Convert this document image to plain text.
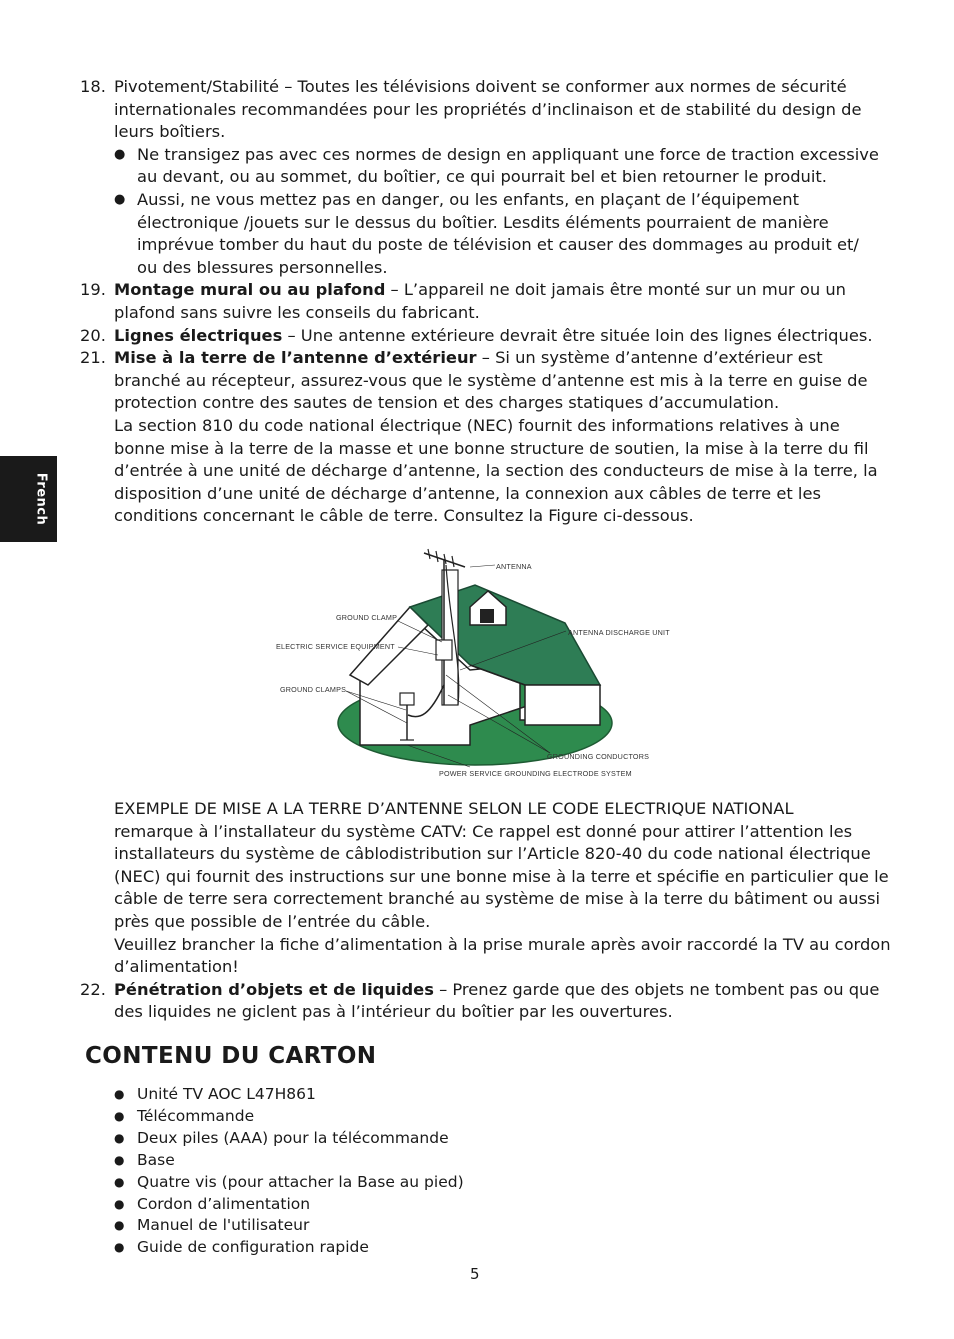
French
18. Pivotement/Stabilité – Toutes les télévisions doivent se conformer aux normes de sécurité internationales recommandées pour les propriétés d’inclinaison et de stabilité du design de leurs boîtiers.

● Ne transigez pas avec ces normes de design en appliquant une force de traction excessive au devant, ou au sommet, du boîtier, ce qui pourrait bel et bien retourner le produit.
● Aussi, ne vous mettez pas en danger, ou les enfants, en plaçant de l’équipement électronique /jouets sur le dessus du boîtier. Lesdits éléments pourraient de manière imprévue tomber du haut du poste de télévision et causer des dommages au produit et/ ou des blessures personnelles.
19. Montage mural ou au plafond – L’appareil ne doit jamais être monté sur un mur ou un plafond sans suivre les conseils du fabricant.

20. Lignes électriques – Une antenne extérieure devrait être située loin des lignes électriques.

21. Mise à la terre de l’antenne d’extérieur – Si un système d’antenne d’extérieur est branché au récepteur, assurez-vous que le système d’antenne est mis à la terre en guise de protection contre des sautes de tension et des charges statiques d’accumulation.

La section 810 du code national électrique (NEC) fournit des informations relatives à une bonne mise à la terre de la masse et une bonne structure de soutien, la mise à la terre du fil d’entrée à une unité de décharge d’antenne, la section des conducteurs de mise à la terre, la disposition d’une unité de décharge d’antenne, la connexion aux câbles de terre et les conditions concernant le câble de terre. Consultez la Figure ci-dessous.

ANTENNA
GROUND CLAMP
ANTENNA DISCHARGE UNIT
ELECTRIC SERVICE EQUIPMENT
GROUND CLAMPS
GROUNDING CONDUCTORS
POWER SERVICE GROUNDING ELECTRODE SYSTEM

EXEMPLE DE MISE A LA TERRE D’ANTENNE SELON LE CODE ELECTRIQUE NATIONAL

remarque à l’installateur du système CATV: Ce rappel est donné pour attirer l’attention les installateurs du système de câblodistribution sur l’Article 820-40 du code national électrique (NEC) qui fournit des instructions sur une bonne mise à la terre et spécifie en particulier que le câble de terre sera correctement branché au système de mise à la terre du bâtiment ou aussi près que possible de l’entrée du câble.

Veuillez brancher la fiche d’alimentation à la prise murale après avoir raccordé la TV au cordon d’alimentation!

22. Pénétration d’objets et de liquides – Prenez garde que des objets ne tombent pas ou que des liquides ne giclent pas à l’intérieur du boîtier par les ouvertures.

CONTENU DU CARTON
● Unité TV AOC L47H861
● Télécommande
● Deux piles (AAA) pour la télécommande
● Base
● Quatre vis (pour attacher la Base au pied)
● Cordon d’alimentation
● Manuel de l'utilisateur
● Guide de configuration rapide
5
